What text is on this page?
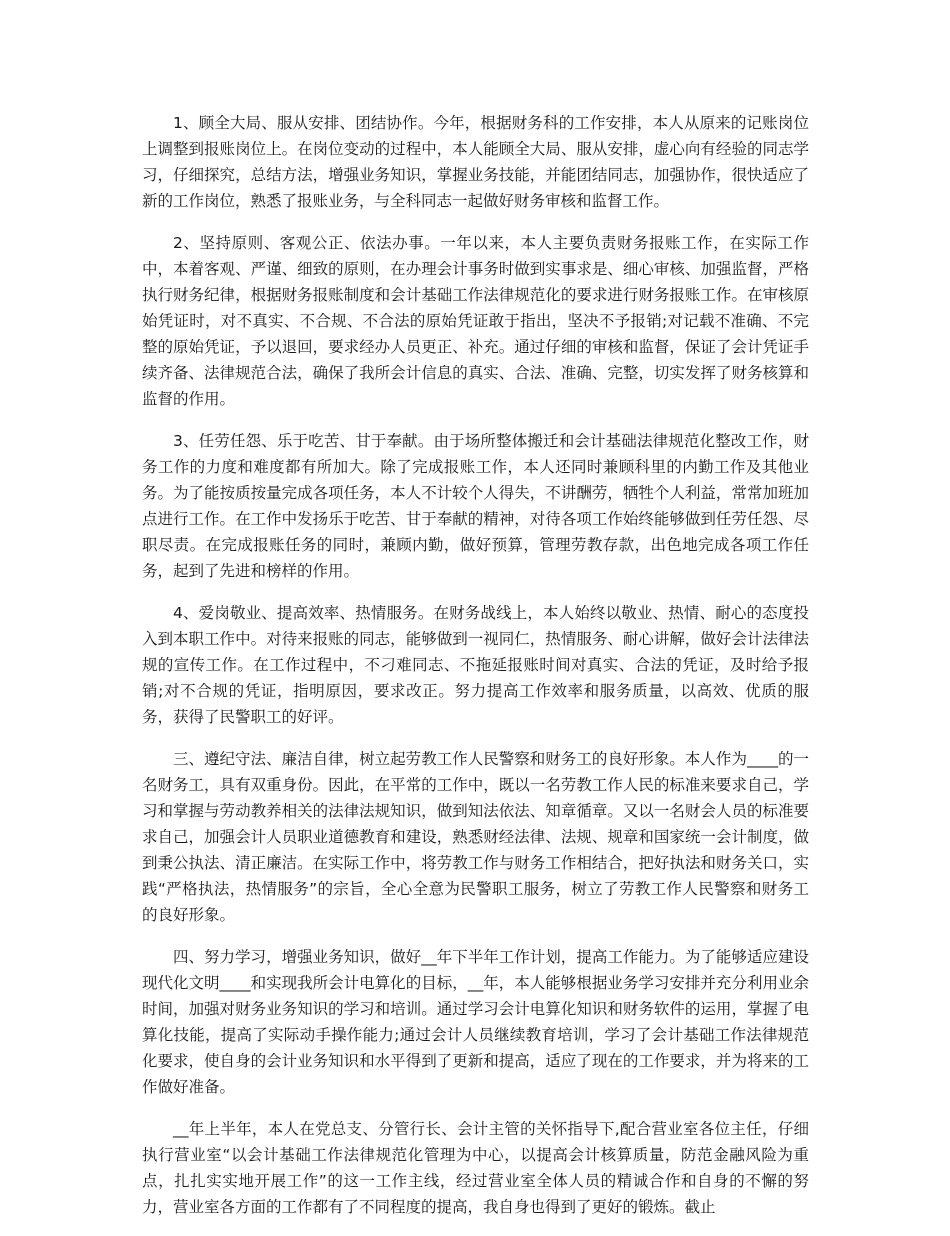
1、顾全大局、服从安排、团结协作。今年，根据财务科的工作安排，本人从原来的记账岗位上调整到报账岗位上。在岗位变动的过程中，本人能顾全大局、服从安排，虚心向有经验的同志学习，仔细探究，总结方法，增强业务知识，掌握业务技能，并能团结同志，加强协作，很快适应了新的工作岗位，熟悉了报账业务，与全科同志一起做好财务审核和监督工作。

2、坚持原则、客观公正、依法办事。一年以来，本人主要负责财务报账工作，在实际工作中，本着客观、严谨、细致的原则，在办理会计事务时做到实事求是、细心审核、加强监督，严格执行财务纪律，根据财务报账制度和会计基础工作法律规范化的要求进行财务报账工作。在审核原始凭证时，对不真实、不合规、不合法的原始凭证敢于指出，坚决不予报销;对记载不准确、不完整的原始凭证，予以退回，要求经办人员更正、补充。通过仔细的审核和监督，保证了会计凭证手续齐备、法律规范合法，确保了我所会计信息的真实、合法、准确、完整，切实发挥了财务核算和监督的作用。

3、任劳任怨、乐于吃苦、甘于奉献。由于场所整体搬迁和会计基础法律规范化整改工作，财务工作的力度和难度都有所加大。除了完成报账工作，本人还同时兼顾科里的内勤工作及其他业务。为了能按质按量完成各项任务，本人不计较个人得失，不讲酬劳，牺牲个人利益，常常加班加点进行工作。在工作中发扬乐于吃苦、甘于奉献的精神，对待各项工作始终能够做到任劳任怨、尽职尽责。在完成报账任务的同时，兼顾内勤，做好预算，管理劳教存款，出色地完成各项工作任务，起到了先进和榜样的作用。

4、爱岗敬业、提高效率、热情服务。在财务战线上，本人始终以敬业、热情、耐心的态度投入到本职工作中。对待来报账的同志，能够做到一视同仁，热情服务、耐心讲解，做好会计法律法规的宣传工作。在工作过程中，不刁难同志、不拖延报账时间对真实、合法的凭证，及时给予报销;对不合规的凭证，指明原因，要求改正。努力提高工作效率和服务质量，以高效、优质的服务，获得了民警职工的好评。

三、遵纪守法、廉洁自律，树立起劳教工作人民警察和财务工的良好形象。本人作为____的一名财务工，具有双重身份。因此，在平常的工作中，既以一名劳教工作人民的标准来要求自己，学习和掌握与劳动教养相关的法律法规知识，做到知法依法、知章循章。又以一名财会人员的标准要求自己，加强会计人员职业道德教育和建设，熟悉财经法律、法规、规章和国家统一会计制度，做到秉公执法、清正廉洁。在实际工作中，将劳教工作与财务工作相结合，把好执法和财务关口，实践“严格执法，热情服务”的宗旨，全心全意为民警职工服务，树立了劳教工作人民警察和财务工的良好形象。

四、努力学习，增强业务知识，做好__年下半年工作计划，提高工作能力。为了能够适应建设现代化文明____和实现我所会计电算化的目标，__年，本人能够根据业务学习安排并充分利用业余时间，加强对财务业务知识的学习和培训。通过学习会计电算化知识和财务软件的运用，掌握了电算化技能，提高了实际动手操作能力;通过会计人员继续教育培训，学习了会计基础工作法律规范化要求，使自身的会计业务知识和水平得到了更新和提高，适应了现在的工作要求，并为将来的工作做好准备。

__年上半年，本人在党总支、分管行长、会计主管的关怀指导下,配合营业室各位主任，仔细执行营业室“以会计基础工作法律规范化管理为中心，以提高会计核算质量，防范金融风险为重点，扎扎实实地开展工作”的这一工作主线，经过营业室全体人员的精诚合作和自身的不懈的努力，营业室各方面的工作都有了不同程度的提高，我自身也得到了更好的锻炼。截止
